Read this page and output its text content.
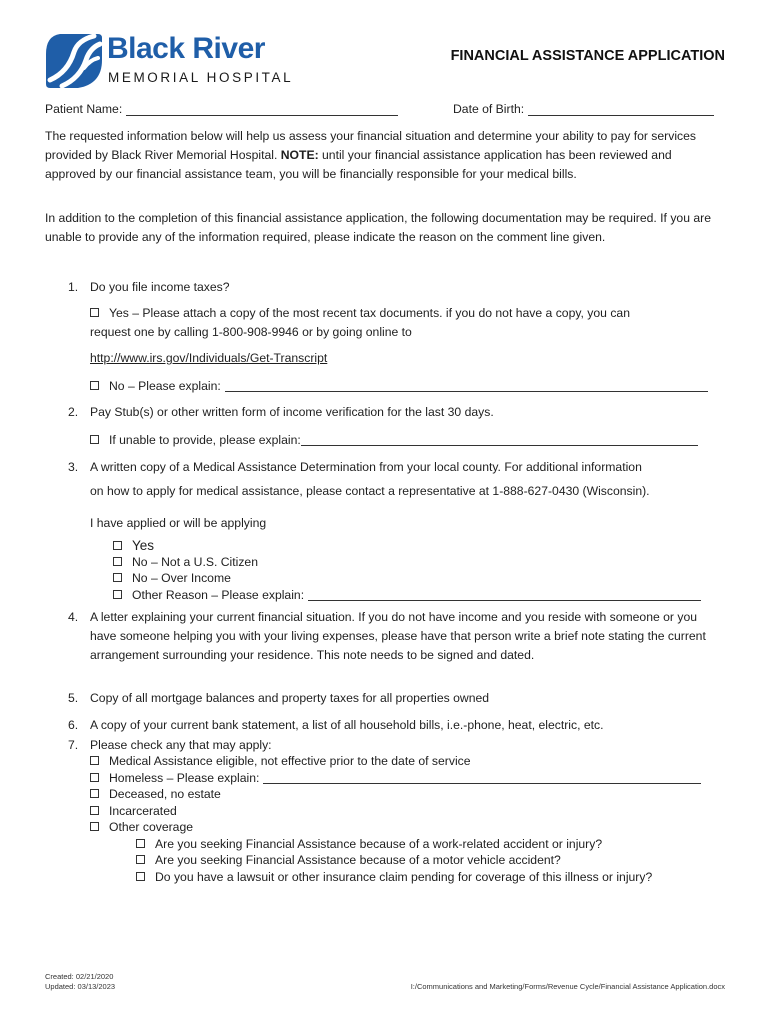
Black River
MEMORIAL HOSPITAL
FINANCIAL ASSISTANCE APPLICATION
Patient Name:	Date of Birth:
The requested information below will help us assess your financial situation and determine your ability to pay for services provided by Black River Memorial Hospital. NOTE: until your financial assistance application has been reviewed and approved by our financial assistance team, you will be financially responsible for your medical bills.
In addition to the completion of this financial assistance application, the following documentation may be required. If you are unable to provide any of the information required, please indicate the reason on the comment line given.
1. Do you file income taxes?
Yes – Please attach a copy of the most recent tax documents. if you do not have a copy, you can
request one by calling 1-800-908-9946 or by going online to
http://www.irs.gov/Individuals/Get-Transcript
No – Please explain:
2. Pay Stub(s) or other written form of income verification for the last 30 days.
If unable to provide, please explain:
3. A written copy of a Medical Assistance Determination from your local county. For additional information
on how to apply for medical assistance, please contact a representative at 1-888-627-0430 (Wisconsin).
I have applied or will be applying
Yes
No – Not a U.S. Citizen
No – Over Income
Other Reason – Please explain:
4. A letter explaining your current financial situation. If you do not have income and you reside with someone or you have someone helping you with your living expenses, please have that person write a brief note stating the current arrangement surrounding your residence. This note needs to be signed and dated.
5. Copy of all mortgage balances and property taxes for all properties owned
6. A copy of your current bank statement, a list of all household bills, i.e.-phone, heat, electric, etc.
7. Please check any that may apply:
Medical Assistance eligible, not effective prior to the date of service
Homeless – Please explain:
Deceased, no estate
Incarcerated
Other coverage
Are you seeking Financial Assistance because of a work-related accident or injury?
Are you seeking Financial Assistance because of a motor vehicle accident?
Do you have a lawsuit or other insurance claim pending for coverage of this illness or injury?
Created: 02/21/2020
Updated: 03/13/2023	I:/Communications and Marketing/Forms/Revenue Cycle/Financial Assistance Application.docx
